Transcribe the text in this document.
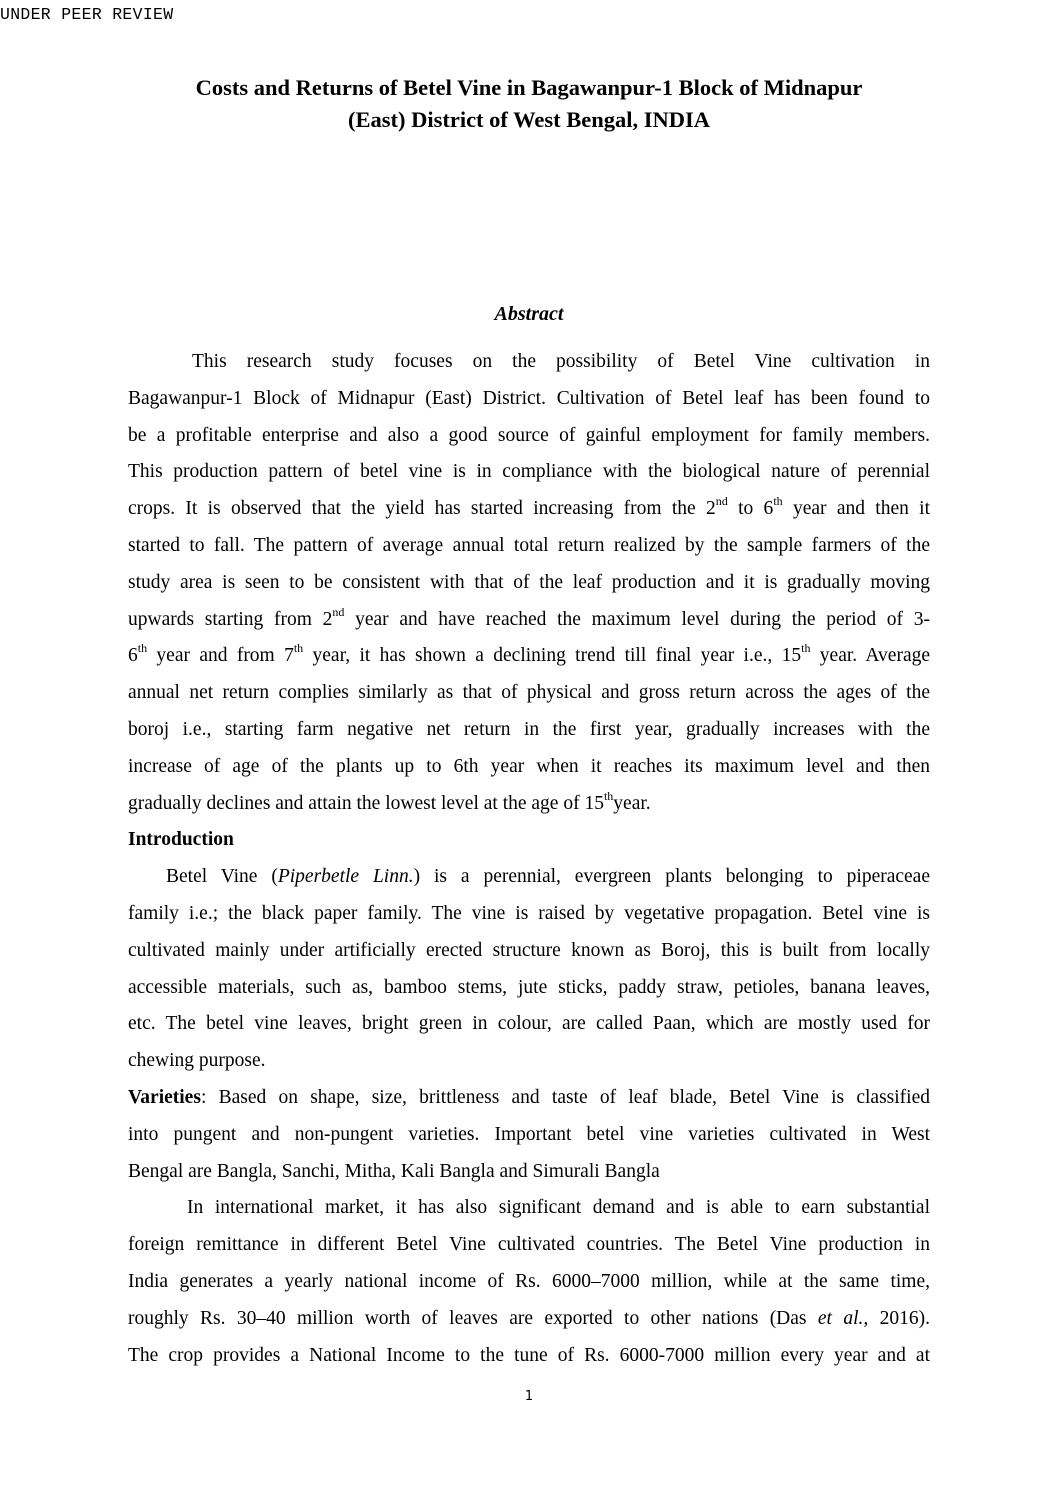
UNDER PEER REVIEW
Costs and Returns of Betel Vine in Bagawanpur-1 Block of Midnapur
(East) District of West Bengal, INDIA
Abstract
This research study focuses on the possibility of Betel Vine cultivation in
Bagawanpur-1 Block of Midnapur (East) District. Cultivation of Betel leaf has been found to
be a profitable enterprise and also a good source of gainful employment for family members.
This production pattern of betel vine is in compliance with the biological nature of perennial
crops. It is observed that the yield has started increasing from the 2nd to 6th year and then it
started to fall. The pattern of average annual total return realized by the sample farmers of the
study area is seen to be consistent with that of the leaf production and it is gradually moving
upwards starting from 2nd year and have reached the maximum level during the period of 3-
6th year and from 7th year, it has shown a declining trend till final year i.e., 15th year. Average
annual net return complies similarly as that of physical and gross return across the ages of the
boroj i.e., starting farm negative net return in the first year, gradually increases with the
increase of age of the plants up to 6th year when it reaches its maximum level and then
gradually declines and attain the lowest level at the age of 15thyear.
Introduction
Betel Vine (Piperbetle Linn.) is a perennial, evergreen plants belonging to piperaceae
family i.e.; the black paper family. The vine is raised by vegetative propagation. Betel vine is
cultivated mainly under artificially erected structure known as Boroj, this is built from locally
accessible materials, such as, bamboo stems, jute sticks, paddy straw, petioles, banana leaves,
etc. The betel vine leaves, bright green in colour, are called Paan, which are mostly used for
chewing purpose.
Varieties: Based on shape, size, brittleness and taste of leaf blade, Betel Vine is classified
into pungent and non-pungent varieties. Important betel vine varieties cultivated in West
Bengal are Bangla, Sanchi, Mitha, Kali Bangla and Simurali Bangla
In international market, it has also significant demand and is able to earn substantial
foreign remittance in different Betel Vine cultivated countries. The Betel Vine production in
India generates a yearly national income of Rs. 6000–7000 million, while at the same time,
roughly Rs. 30–40 million worth of leaves are exported to other nations (Das et al., 2016).
The crop provides a National Income to the tune of Rs. 6000-7000 million every year and at
1
